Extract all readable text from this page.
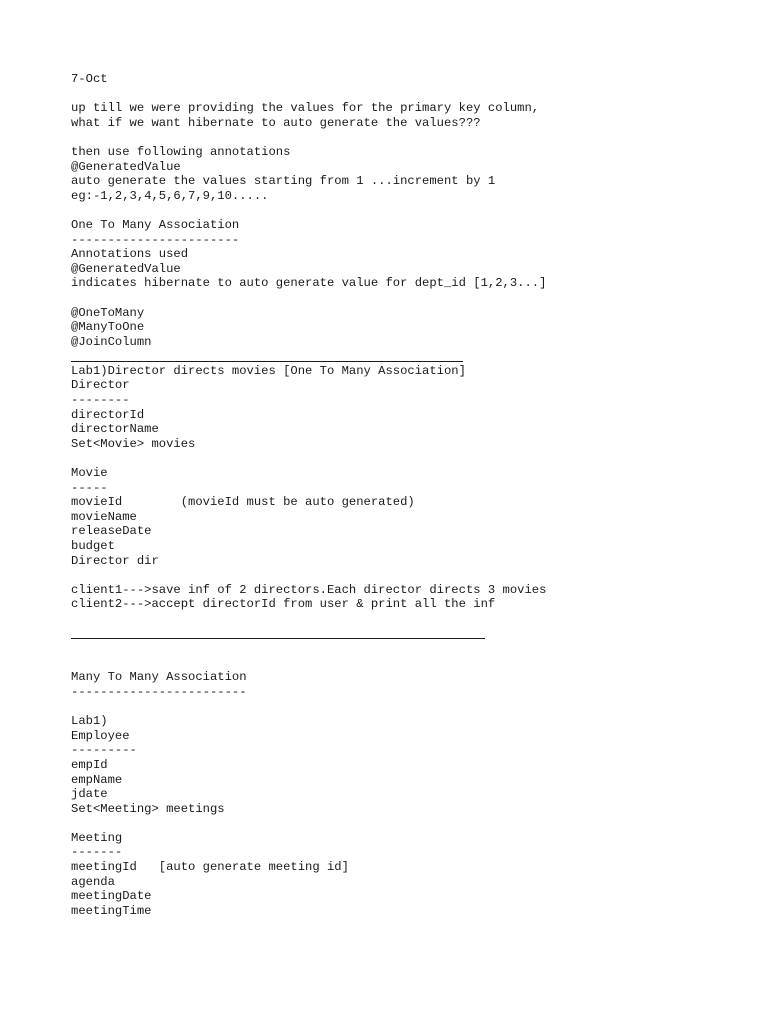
7-Oct
up till we were providing the values for the primary key column,
what if we want hibernate to auto generate the values???
then use following annotations
@GeneratedValue
auto generate the values starting from 1 ...increment by 1
eg:-1,2,3,4,5,6,7,9,10.....
One To Many Association
-----------------------
Annotations used
@GeneratedValue
indicates hibernate to auto generate value for dept_id [1,2,3...]
@OneToMany
@ManyToOne
@JoinColumn
Lab1)Director directs movies [One To Many Association]
Director
--------
directorId
directorName
Set<Movie> movies
Movie
-----
movieId        (movieId must be auto generated)
movieName
releaseDate
budget
Director dir
client1--->save inf of 2 directors.Each director directs 3 movies
client2--->accept directorId from user & print all the inf
Many To Many Association
------------------------
Lab1)
Employee
---------
empId
empName
jdate
Set<Meeting> meetings
Meeting
-------
meetingId   [auto generate meeting id]
agenda
meetingDate
meetingTime
